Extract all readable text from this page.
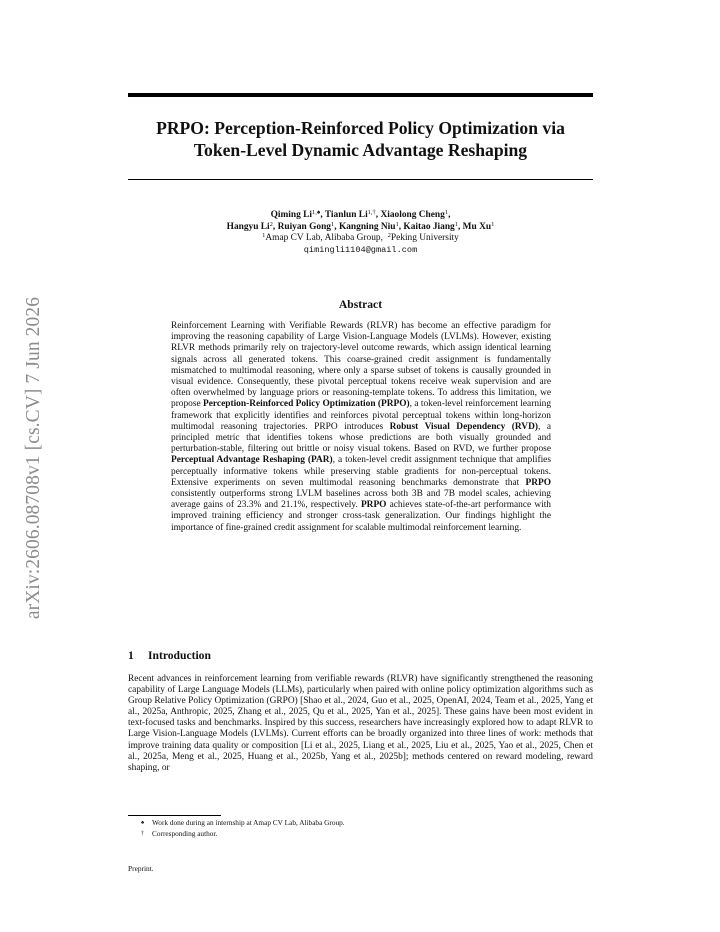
arXiv:2606.08708v1 [cs.CV] 7 Jun 2026
PRPO: Perception-Reinforced Policy Optimization via
Token-Level Dynamic Advantage Reshaping
Qiming $Li^{1,♠}$, Tianlun $Li^{1,\dagger}$, Xiaolong Cheng$^1$,
Hangyu Li$^2$, Ruiyan Gong$^1$, Kangning Niu$^1$, Kaitao Jiang$^1$, Mu Xu$^1$
$^1$Amap CV Lab, Alibaba Group, $^2$Peking University
qimingli1104@gmail.com
Abstract

Reinforcement Learning with Verifiable Rewards (RLVR) has become an effective paradigm for improving the reasoning capability of Large Vision-Language Models (LVLMs). However, existing RLVR methods primarily rely on trajectory-level outcome rewards, which assign identical learning signals across all generated tokens. This coarse-grained credit assignment is fundamentally mismatched to multimodal reasoning, where only a sparse subset of tokens is causally grounded in visual evidence. Consequently, these pivotal perceptual tokens receive weak supervision and are often overwhelmed by language priors or reasoning-template tokens. To address this limitation, we propose Perception-Reinforced Policy Optimization (PRPO), a token-level reinforcement learning framework that explicitly identifies and reinforces pivotal perceptual tokens within long-horizon multimodal reasoning trajectories. PRPO introduces Robust Visual Dependency (RVD), a principled metric that identifies tokens whose predictions are both visually grounded and perturbation-stable, filtering out brittle or noisy visual tokens. Based on RVD, we further propose Perceptual Advantage Reshaping (PAR), a token-level credit assignment technique that amplifies perceptually informative tokens while preserving stable gradients for non-perceptual tokens. Extensive experiments on seven multimodal reasoning benchmarks demonstrate that PRPO consistently outperforms strong LVLM baselines across both 3B and 7B model scales, achieving average gains of 23.3% and 21.1%, respectively. PRPO achieves state-of-the-art performance with improved training efficiency and stronger cross-task generalization. Our findings highlight the importance of fine-grained credit assignment for scalable multimodal reinforcement learning.

1 Introduction

Recent advances in reinforcement learning from verifiable rewards (RLVR) have significantly strengthened the reasoning capability of Large Language Models (LLMs), particularly when paired with online policy optimization algorithms such as Group Relative Policy Optimization (GRPO) [Shao et al., 2024, Guo et al., 2025, OpenAI, 2024, Team et al., 2025, Yang et al., 2025a, Anthropic, 2025, Zhang et al., 2025, Qu et al., 2025, Yan et al., 2025]. These gains have been most evident in text-focused tasks and benchmarks. Inspired by this success, researchers have increasingly explored how to adapt RLVR to Large Vision-Language Models (LVLMs). Current efforts can be broadly organized into three lines of work: methods that improve training data quality or composition [Li et al., 2025, Liang et al., 2025, Liu et al., 2025, Yao et al., 2025, Chen et al., 2025a, Meng et al., 2025, Huang et al., 2025b, Yang et al., 2025b]; methods centered on reward modeling, reward shaping, or

♠ Work done during an internship at Amap CV Lab, Alibaba Group.
† Corresponding author.
Preprint.
